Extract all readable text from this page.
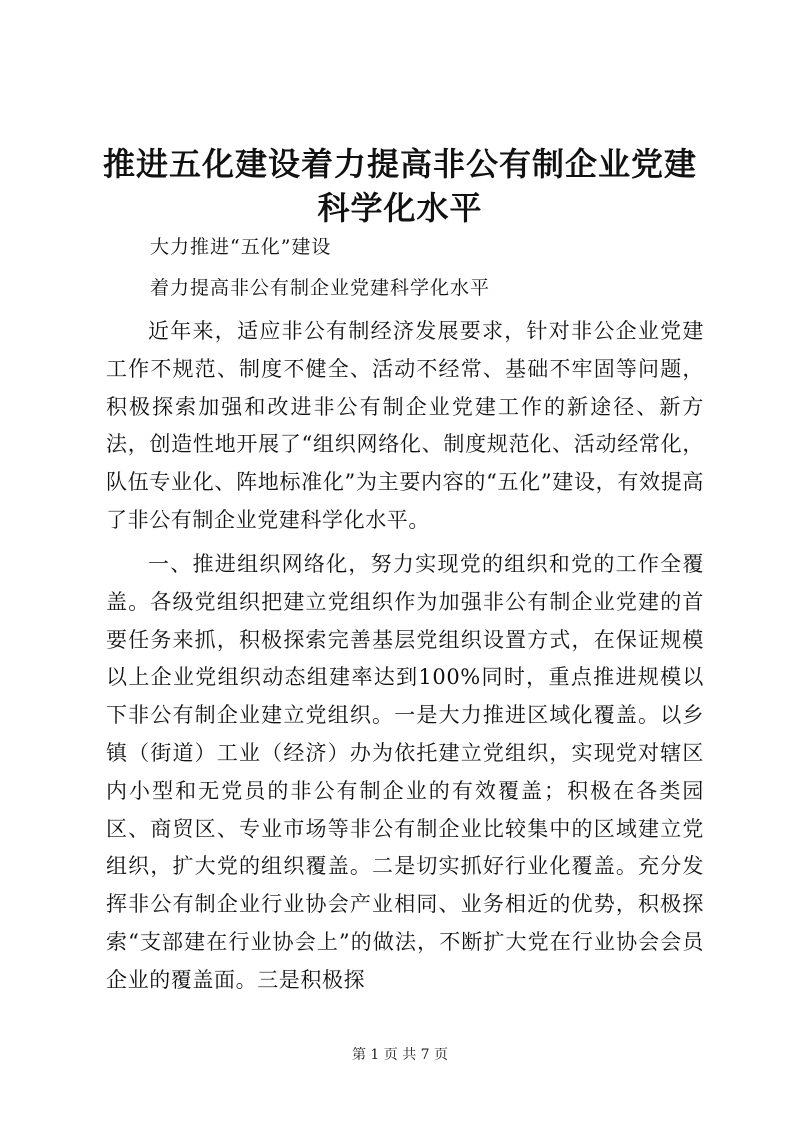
推进五化建设着力提高非公有制企业党建科学化水平

大力推进“五化”建设

着力提高非公有制企业党建科学化水平

近年来，适应非公有制经济发展要求，针对非公企业党建工作不规范、制度不健全、活动不经常、基础不牢固等问题，积极探索加强和改进非公有制企业党建工作的新途径、新方法，创造性地开展了“组织网络化、制度规范化、活动经常化，队伍专业化、阵地标准化”为主要内容的“五化”建设，有效提高了非公有制企业党建科学化水平。

一、推进组织网络化，努力实现党的组织和党的工作全覆盖。各级党组织把建立党组织作为加强非公有制企业党建的首要任务来抓，积极探索完善基层党组织设置方式，在保证规模以上企业党组织动态组建率达到100%同时，重点推进规模以下非公有制企业建立党组织。一是大力推进区域化覆盖。以乡镇（街道）工业（经济）办为依托建立党组织，实现党对辖区内小型和无党员的非公有制企业的有效覆盖；积极在各类园区、商贸区、专业市场等非公有制企业比较集中的区域建立党组织，扩大党的组织覆盖。二是切实抓好行业化覆盖。充分发挥非公有制企业行业协会产业相同、业务相近的优势，积极探索“支部建在行业协会上”的做法，不断扩大党在行业协会会员企业的覆盖面。三是积极探

第 1 页 共 7 页
